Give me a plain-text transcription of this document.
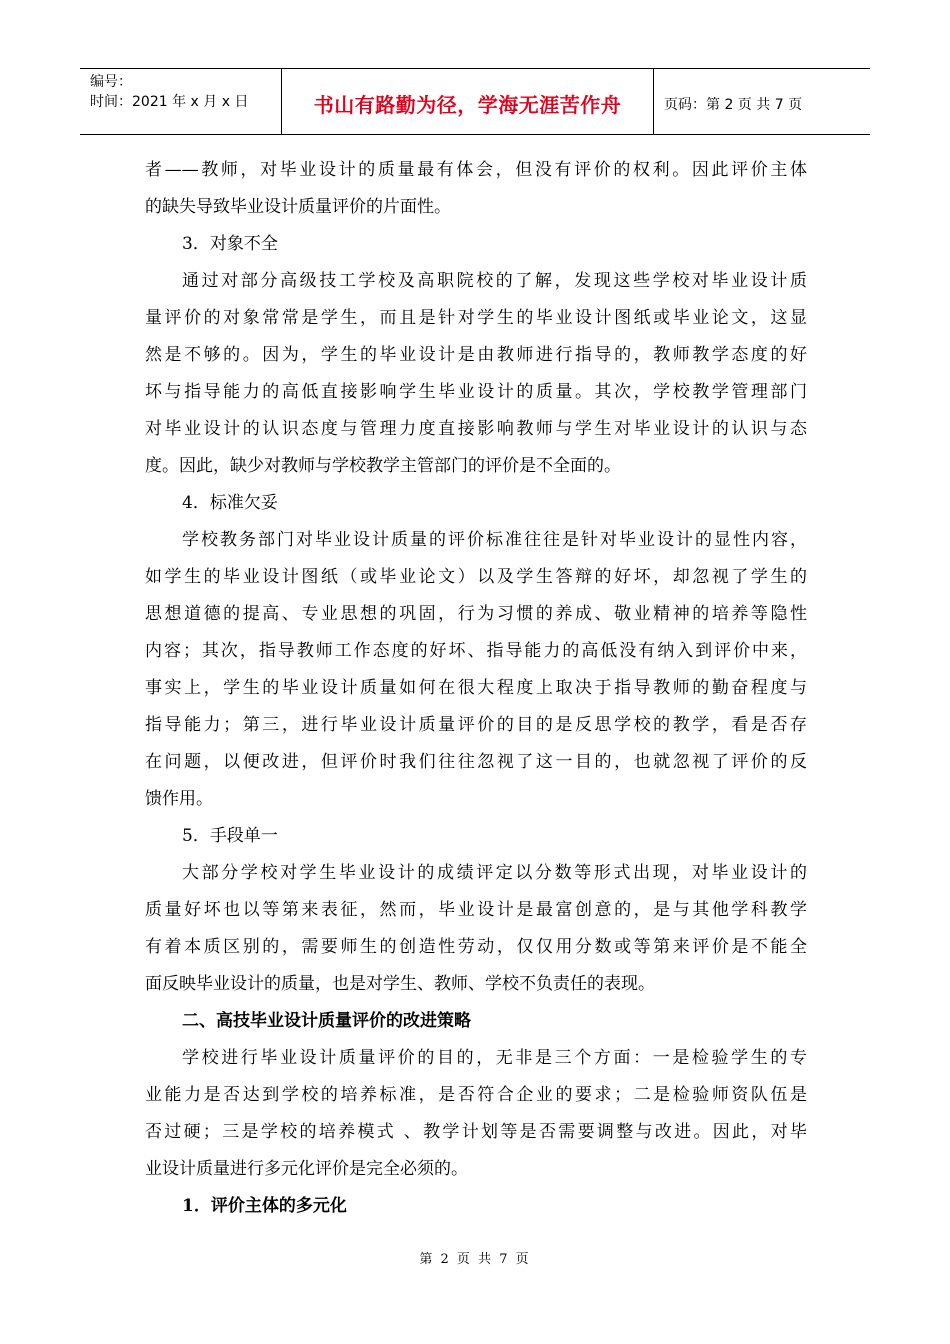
编号：
时间：2021 年 x 月 x 日	书山有路勤为径，学海无涯苦作舟	页码：第 2 页 共 7 页
者——教师，对毕业设计的质量最有体会，但没有评价的权利。因此评价主体
的缺失导致毕业设计质量评价的片面性。
3．对象不全
通过对部分高级技工学校及高职院校的了解，发现这些学校对毕业设计质
量评价的对象常常是学生，而且是针对学生的毕业设计图纸或毕业论文，这显
然是不够的。因为，学生的毕业设计是由教师进行指导的，教师教学态度的好
坏与指导能力的高低直接影响学生毕业设计的质量。其次，学校教学管理部门
对毕业设计的认识态度与管理力度直接影响教师与学生对毕业设计的认识与态
度。因此，缺少对教师与学校教学主管部门的评价是不全面的。
4．标准欠妥
学校教务部门对毕业设计质量的评价标准往往是针对毕业设计的显性内容，
如学生的毕业设计图纸（或毕业论文）以及学生答辩的好坏，却忽视了学生的
思想道德的提高、专业思想的巩固，行为习惯的养成、敬业精神的培养等隐性
内容；其次，指导教师工作态度的好坏、指导能力的高低没有纳入到评价中来，
事实上，学生的毕业设计质量如何在很大程度上取决于指导教师的勤奋程度与
指导能力；第三，进行毕业设计质量评价的目的是反思学校的教学，看是否存
在问题，以便改进，但评价时我们往往忽视了这一目的，也就忽视了评价的反
馈作用。
5．手段单一
大部分学校对学生毕业设计的成绩评定以分数等形式出现，对毕业设计的
质量好坏也以等第来表征，然而，毕业设计是最富创意的，是与其他学科教学
有着本质区别的，需要师生的创造性劳动，仅仅用分数或等第来评价是不能全
面反映毕业设计的质量，也是对学生、教师、学校不负责任的表现。
二、高技毕业设计质量评价的改进策略
学校进行毕业设计质量评价的目的，无非是三个方面：一是检验学生的专
业能力是否达到学校的培养标准，是否符合企业的要求；二是检验师资队伍是
否过硬；三是学校的培养模式 、教学计划等是否需要调整与改进。因此，对毕
业设计质量进行多元化评价是完全必须的。
1．评价主体的多元化
第 2 页 共 7 页
